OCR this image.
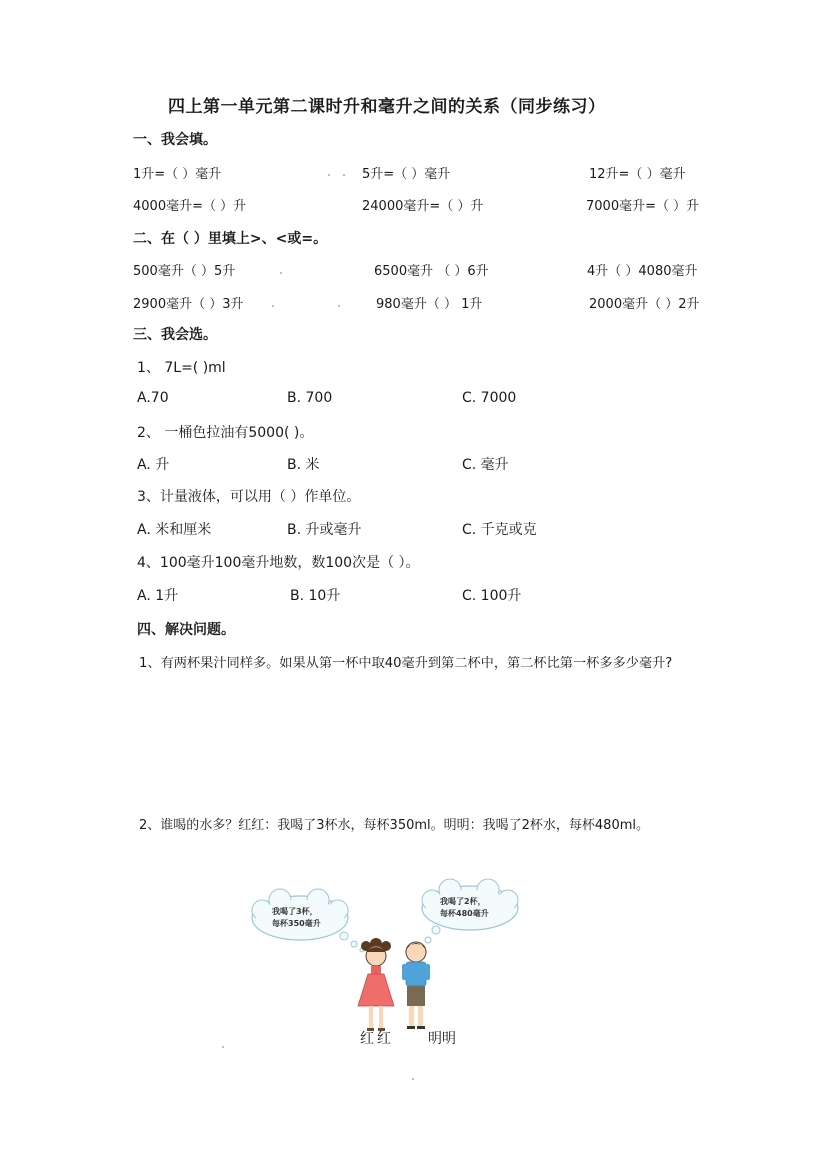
四上第一单元第二课时升和毫升之间的关系（同步练习）
一、我会填。
1升=（ ）毫升	5升=（ ）毫升	12升=（ ）毫升
4000毫升=（ ）升	24000毫升=（ ）升	7000毫升=（ ）升
二、在（ ）里填上>、<或=。
500毫升（ ）5升	6500毫升 （ ）6升	4升（ ）4080毫升
2900毫升（ ）3升	980毫升（ ） 1升	2000毫升（ ）2升
三、我会选。
1、 7L=( )ml
A.70	B. 700	C. 7000
2、 一桶色拉油有5000( )。
A. 升	B. 米	C. 毫升
3、计量液体，可以用（ ）作单位。
A. 米和厘米	B. 升或毫升	C. 千克或克
4、100毫升100毫升地数，数100次是（ ）。
A. 1升	B. 10升	C. 100升
四、解决问题。
1、有两杯果汁同样多。如果从第一杯中取40毫升到第二杯中，第二杯比第一杯多多少毫升?
2、谁喝的水多？红红：我喝了3杯水，每杯350ml。明明：我喝了2杯水，每杯480ml。
我喝了3杯，
每杯350毫升
我喝了2杯，
每杯480毫升
红红 明明
